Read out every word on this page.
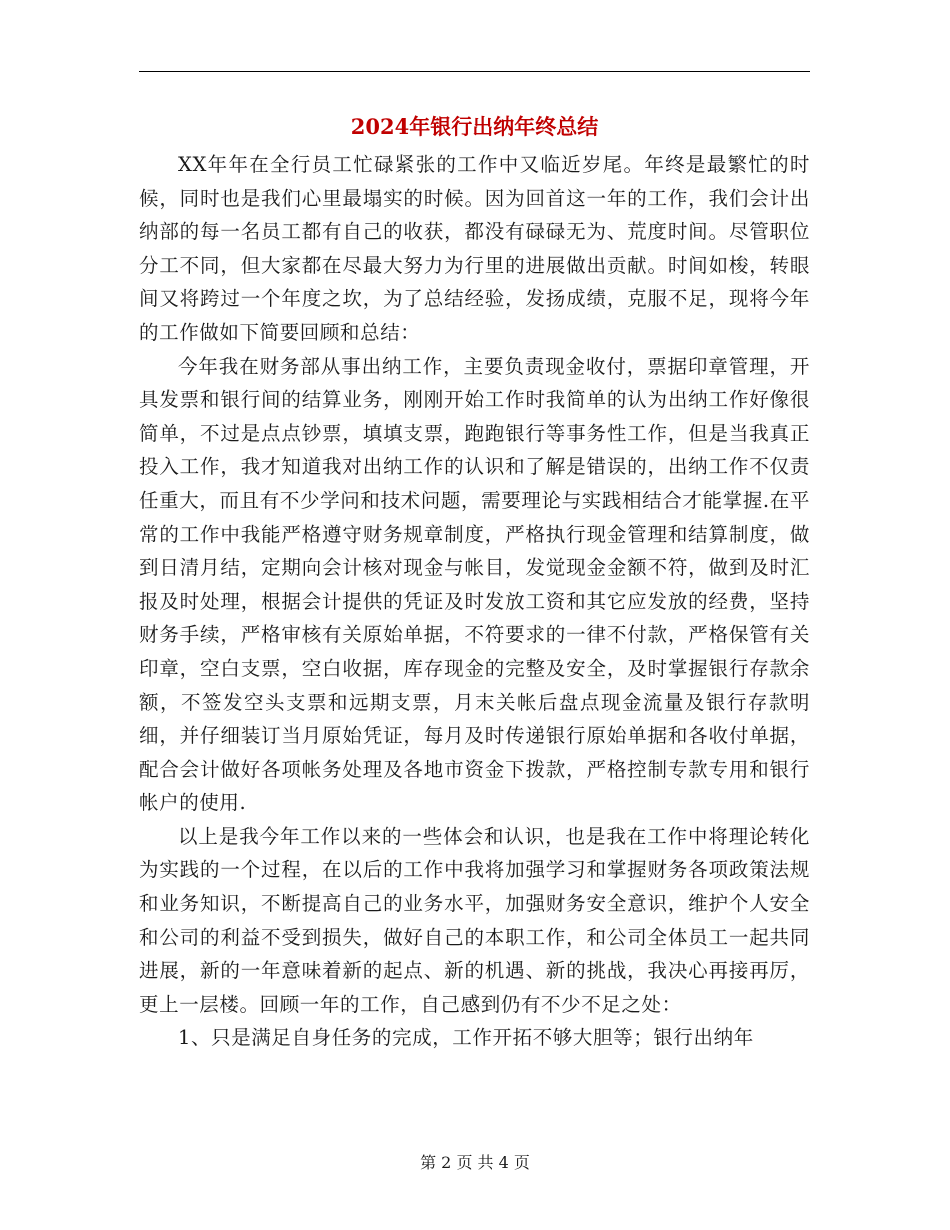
2024年银行出纳年终总结

XX年年在全行员工忙碌紧张的工作中又临近岁尾。年终是最繁忙的时候，同时也是我们心里最塌实的时候。因为回首这一年的工作，我们会计出纳部的每一名员工都有自己的收获，都没有碌碌无为、荒度时间。尽管职位分工不同，但大家都在尽最大努力为行里的进展做出贡献。时间如梭，转眼间又将跨过一个年度之坎，为了总结经验，发扬成绩，克服不足，现将今年的工作做如下简要回顾和总结：

今年我在财务部从事出纳工作，主要负责现金收付，票据印章管理，开具发票和银行间的结算业务，刚刚开始工作时我简单的认为出纳工作好像很简单，不过是点点钞票，填填支票，跑跑银行等事务性工作，但是当我真正投入工作，我才知道我对出纳工作的认识和了解是错误的，出纳工作不仅责任重大，而且有不少学问和技术问题，需要理论与实践相结合才能掌握.在平常的工作中我能严格遵守财务规章制度，严格执行现金管理和结算制度，做到日清月结，定期向会计核对现金与帐目，发觉现金金额不符，做到及时汇报及时处理，根据会计提供的凭证及时发放工资和其它应发放的经费，坚持财务手续，严格审核有关原始单据，不符要求的一律不付款，严格保管有关印章，空白支票，空白收据，库存现金的完整及安全，及时掌握银行存款余额，不签发空头支票和远期支票，月末关帐后盘点现金流量及银行存款明细，并仔细装订当月原始凭证，每月及时传递银行原始单据和各收付单据，配合会计做好各项帐务处理及各地市资金下拨款，严格控制专款专用和银行帐户的使用.

以上是我今年工作以来的一些体会和认识，也是我在工作中将理论转化为实践的一个过程，在以后的工作中我将加强学习和掌握财务各项政策法规和业务知识，不断提高自己的业务水平，加强财务安全意识，维护个人安全和公司的利益不受到损失，做好自己的本职工作，和公司全体员工一起共同进展，新的一年意味着新的起点、新的机遇、新的挑战，我决心再接再厉，更上一层楼。回顾一年的工作，自己感到仍有不少不足之处：

1、只是满足自身任务的完成，工作开拓不够大胆等；银行出纳年

第 2 页 共 4 页
